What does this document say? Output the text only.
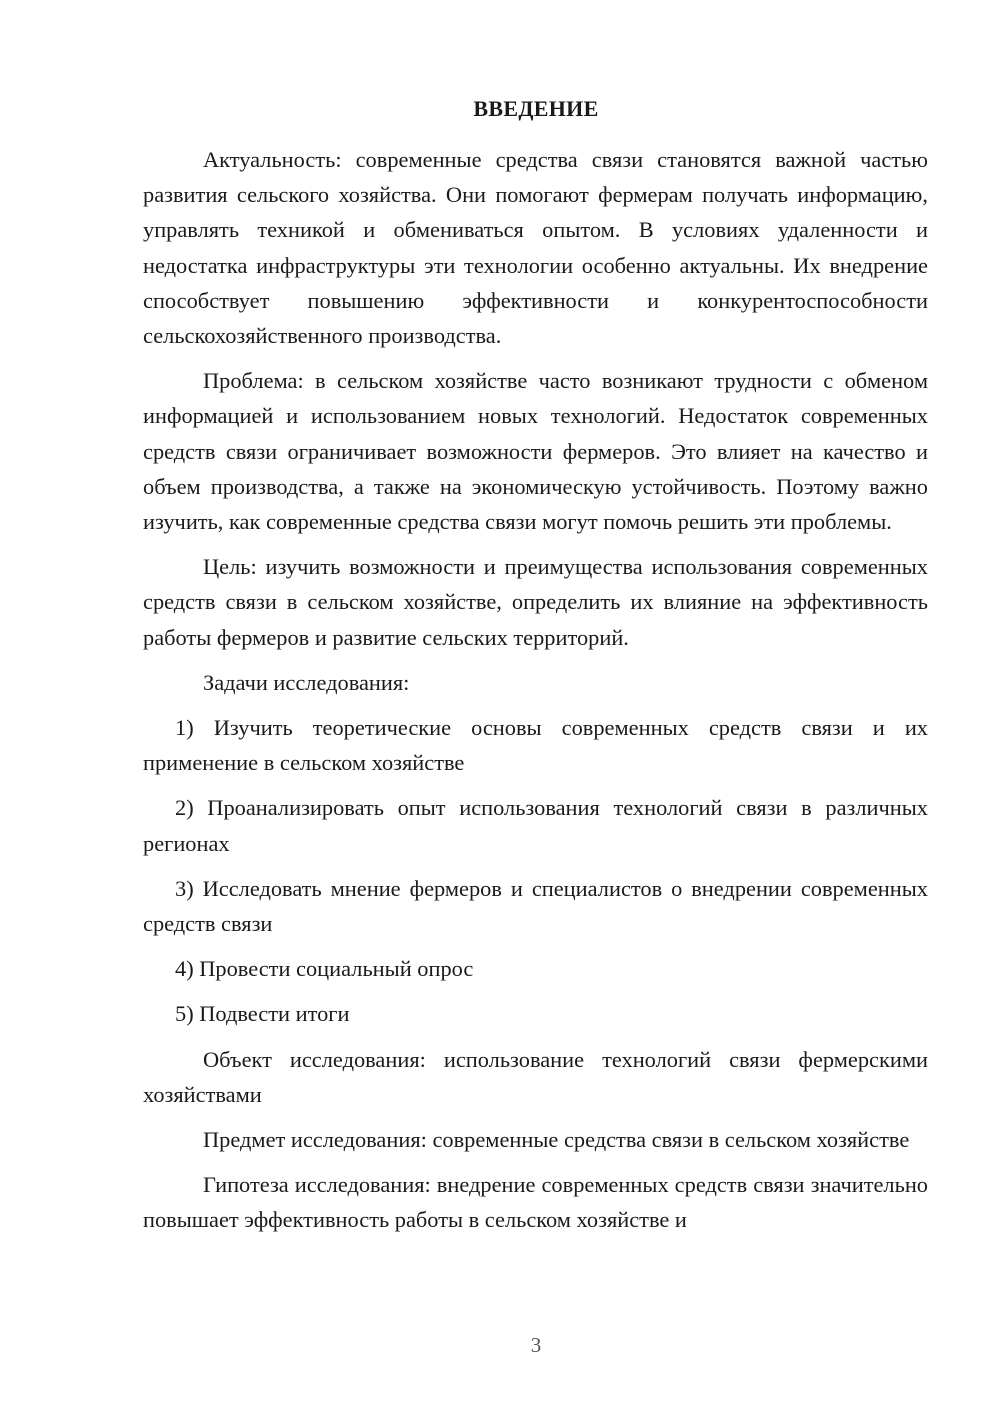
ВВЕДЕНИЕ

Актуальность: современные средства связи становятся важной частью развития сельского хозяйства. Они помогают фермерам получать информацию, управлять техникой и обмениваться опытом. В условиях удаленности и недостатка инфраструктуры эти технологии особенно актуальны. Их внедрение способствует повышению эффективности и конкурентоспособности сельскохозяйственного производства.

Проблема: в сельском хозяйстве часто возникают трудности с обменом информацией и использованием новых технологий. Недостаток современных средств связи ограничивает возможности фермеров. Это влияет на качество и объем производства, а также на экономическую устойчивость. Поэтому важно изучить, как современные средства связи могут помочь решить эти проблемы.

Цель: изучить возможности и преимущества использования современных средств связи в сельском хозяйстве, определить их влияние на эффективность работы фермеров и развитие сельских территорий.

Задачи исследования:

1) Изучить теоретические основы современных средств связи и их применение в сельском хозяйстве

2) Проанализировать опыт использования технологий связи в различных регионах

3) Исследовать мнение фермеров и специалистов о внедрении современных средств связи

4) Провести социальный опрос

5) Подвести итоги

Объект исследования: использование технологий связи фермерскими хозяйствами

Предмет исследования: современные средства связи в сельском хозяйстве

Гипотеза исследования: внедрение современных средств связи значительно повышает эффективность работы в сельском хозяйстве и

3
